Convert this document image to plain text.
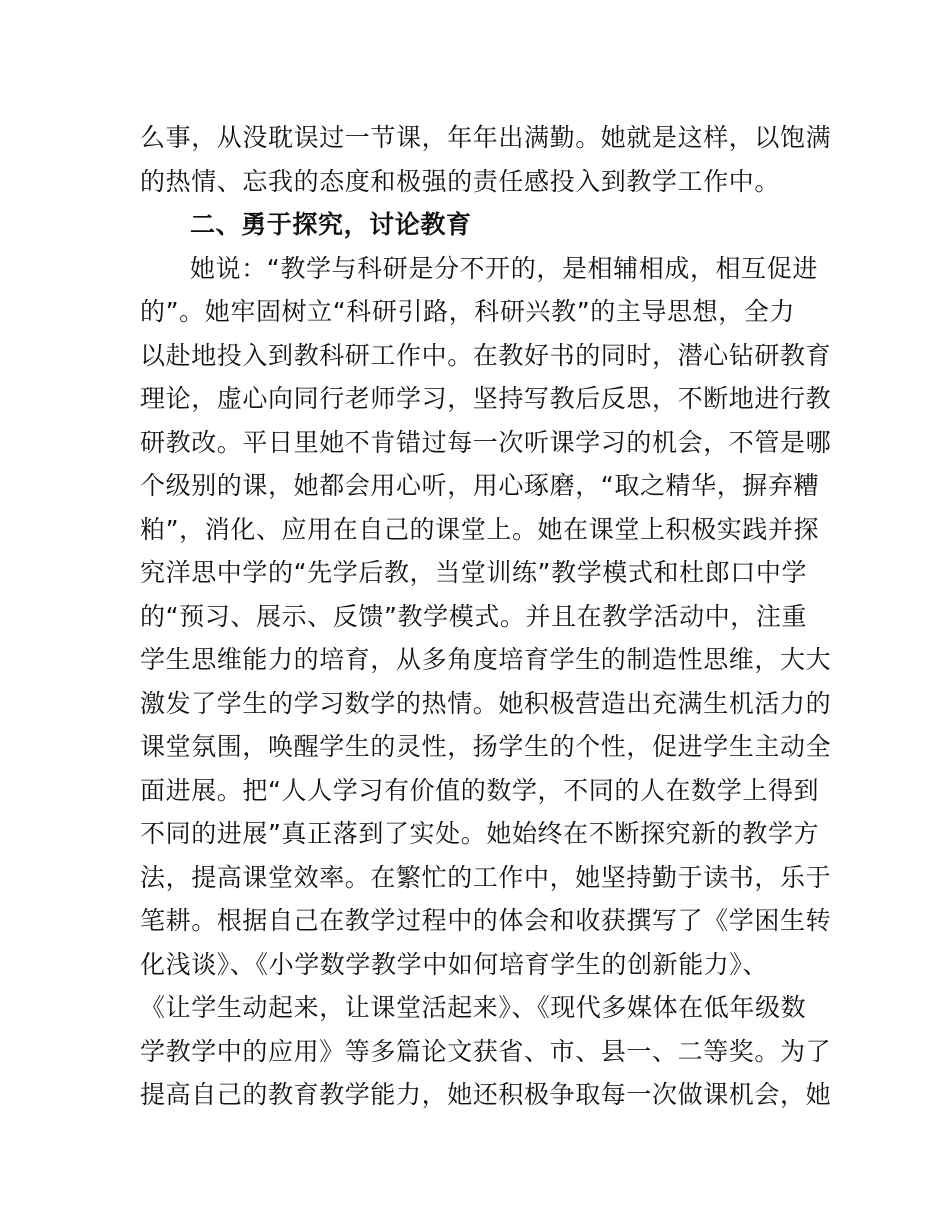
么事，从没耽误过一节课，年年出满勤。她就是这样，以饱满
的热情、忘我的态度和极强的责任感投入到教学工作中。
二、勇于探究，讨论教育
她说：“教学与科研是分不开的，是相辅相成，相互促进
的”。她牢固树立“科研引路，科研兴教”的主导思想，全力
以赴地投入到教科研工作中。在教好书的同时，潜心钻研教育
理论，虚心向同行老师学习，坚持写教后反思，不断地进行教
研教改。平日里她不肯错过每一次听课学习的机会，不管是哪
个级别的课，她都会用心听，用心琢磨，“取之精华，摒弃糟
粕”，消化、应用在自己的课堂上。她在课堂上积极实践并探
究洋思中学的“先学后教，当堂训练”教学模式和杜郎口中学
的“预习、展示、反馈”教学模式。并且在教学活动中，注重
学生思维能力的培育，从多角度培育学生的制造性思维，大大
激发了学生的学习数学的热情。她积极营造出充满生机活力的
课堂氛围，唤醒学生的灵性，扬学生的个性，促进学生主动全
面进展。把“人人学习有价值的数学，不同的人在数学上得到
不同的进展”真正落到了实处。她始终在不断探究新的教学方
法，提高课堂效率。在繁忙的工作中，她坚持勤于读书，乐于
笔耕。根据自己在教学过程中的体会和收获撰写了《学困生转
化浅谈》、《小学数学教学中如何培育学生的创新能力》、
《让学生动起来，让课堂活起来》、《现代多媒体在低年级数
学教学中的应用》等多篇论文获省、市、县一、二等奖。为了
提高自己的教育教学能力，她还积极争取每一次做课机会，她
